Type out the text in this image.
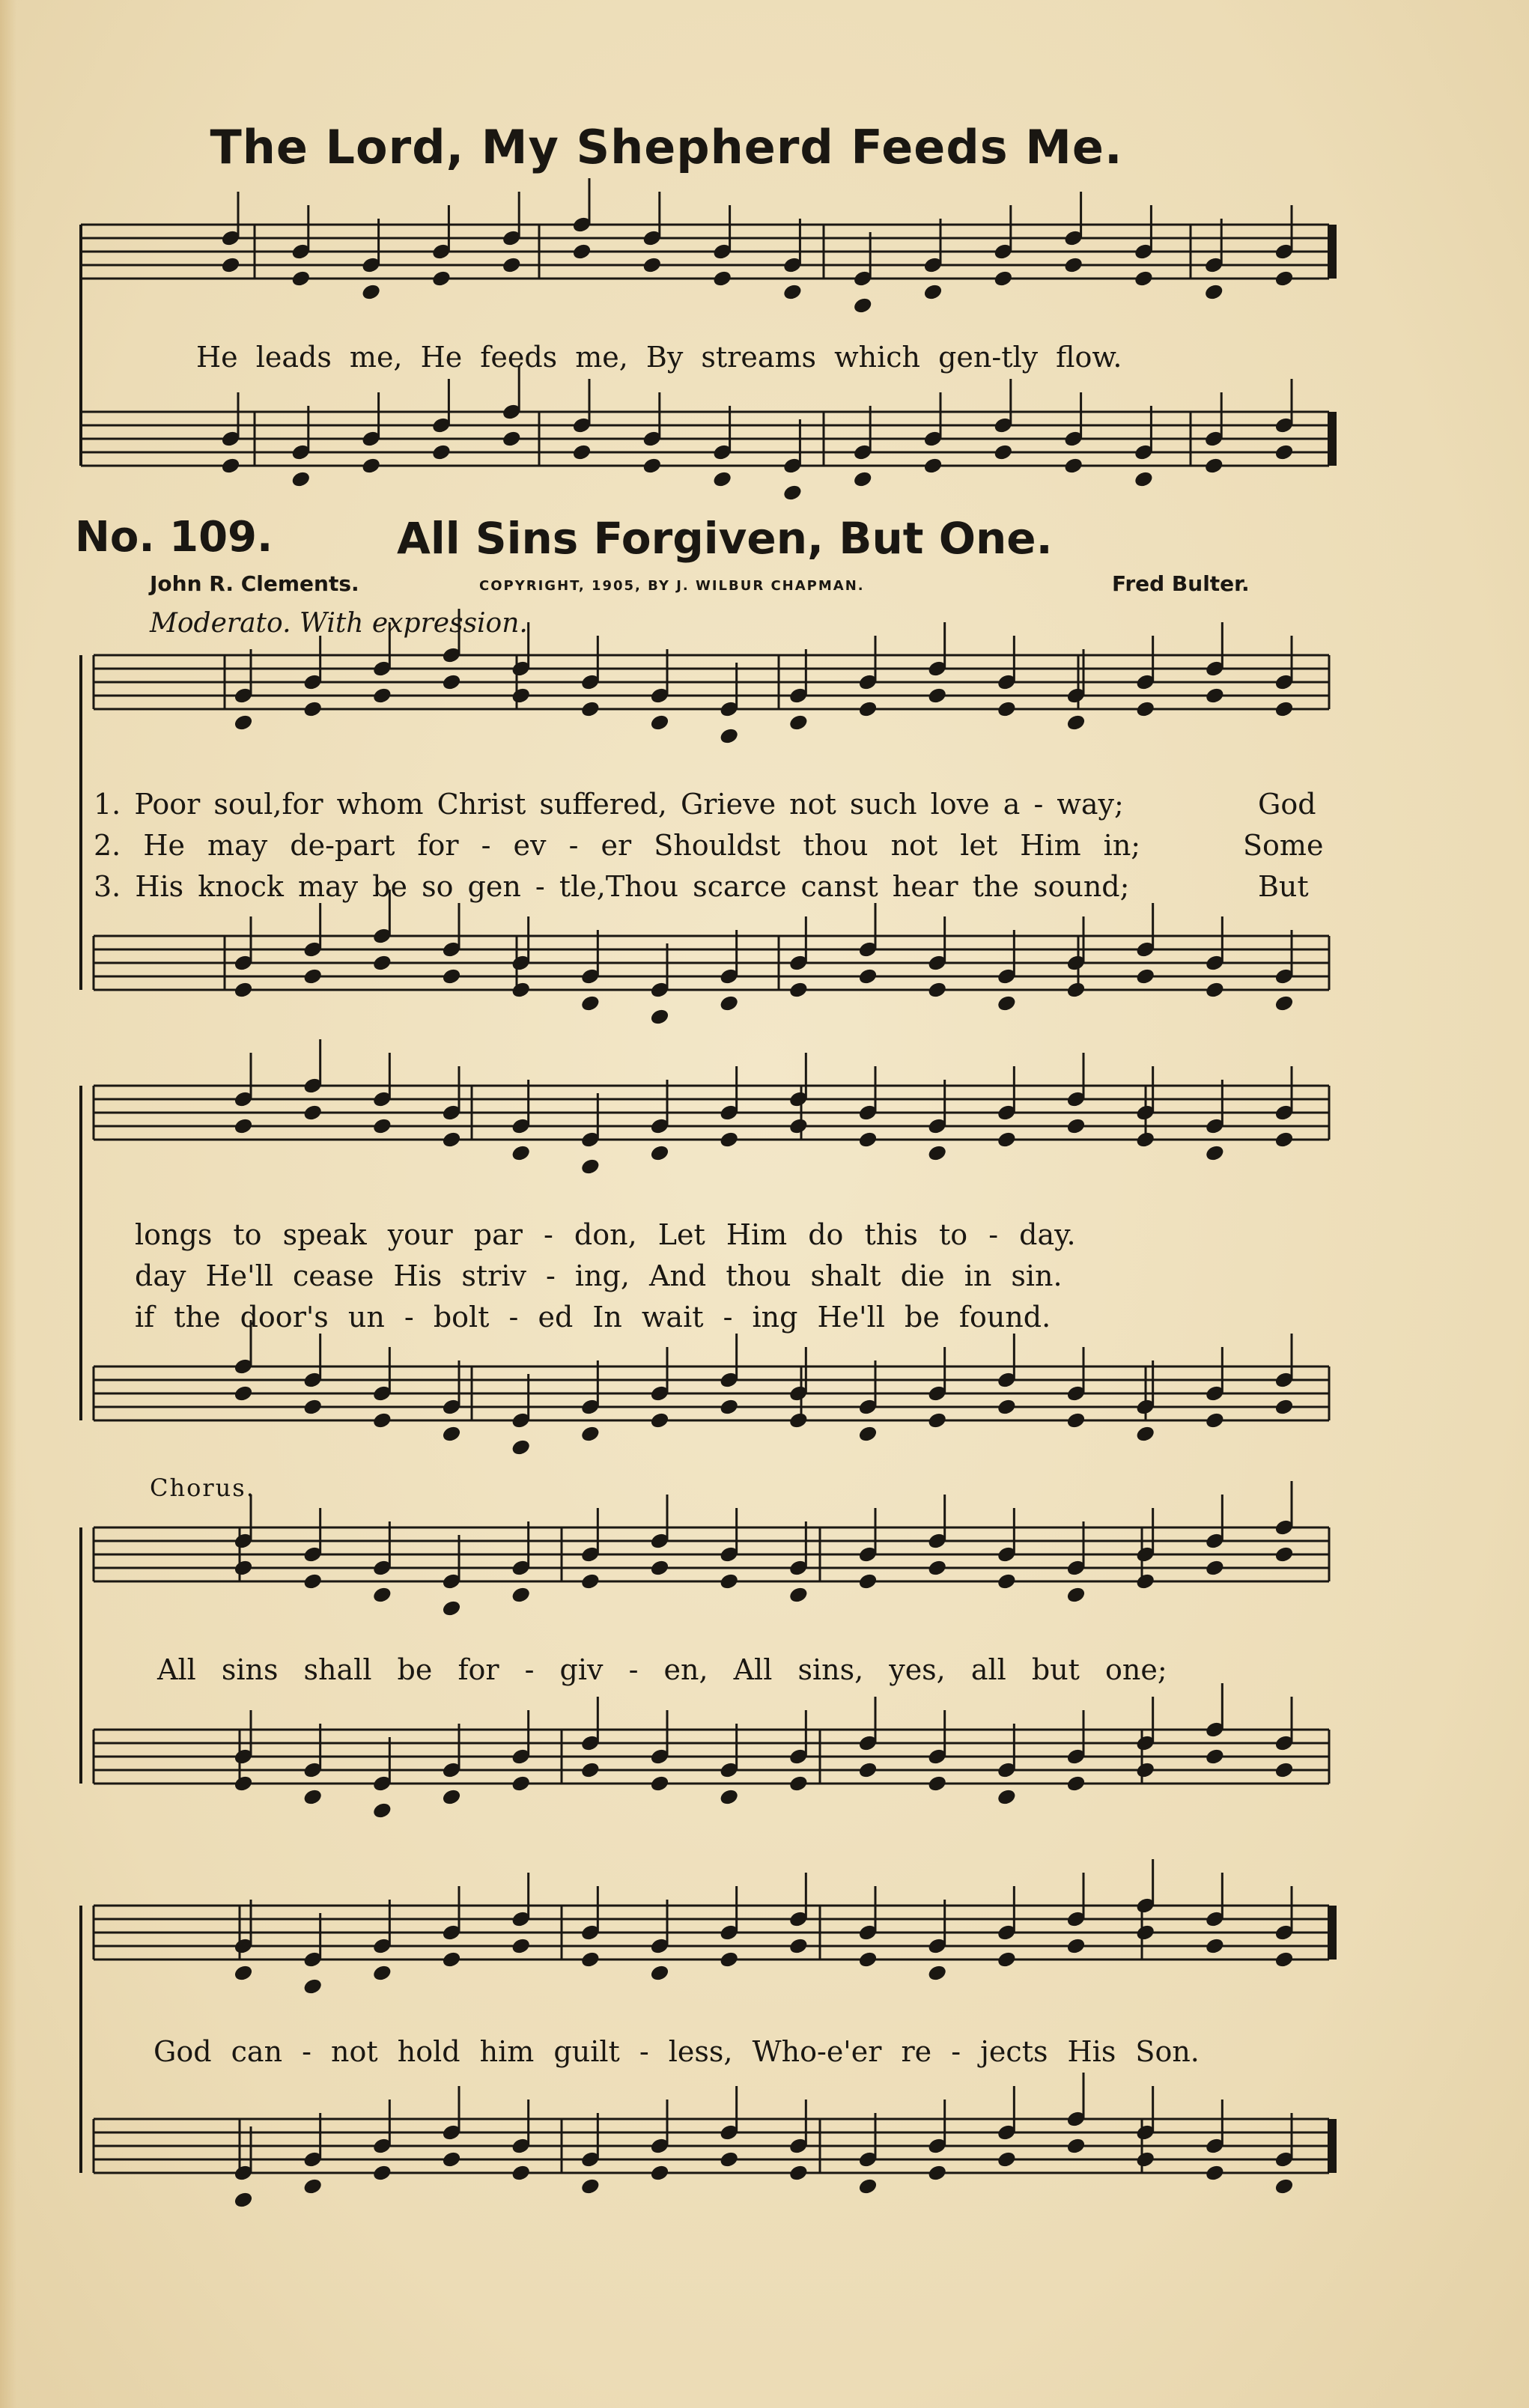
The Lord, My Shepherd Feeds Me.
He leads me, He feeds me, By streams which gen-tly flow.
No. 109.	All Sins Forgiven, But One.
John R. Clements.	COPYRIGHT, 1905, BY J. WILBUR CHAPMAN.	Fred Bulter.
Moderato. With expression.
1. Poor soul,for whom Christ suffered, Grieve not such love a - way;
2. He may de-part for - ev - er Shouldst thou not let Him in;
3. His knock may be so gen - tle,Thou scarce canst hear the sound;
God
Some
But
longs to speak your par - don, Let Him do this to - day.
day He'll cease His striv - ing, And thou shalt die in sin.
if the door's un - bolt - ed In wait - ing He'll be found.
Chorus.
All sins shall be for - giv - en, All sins, yes, all but one;
God can - not hold him guilt - less, Who-e'er re - jects His Son.
